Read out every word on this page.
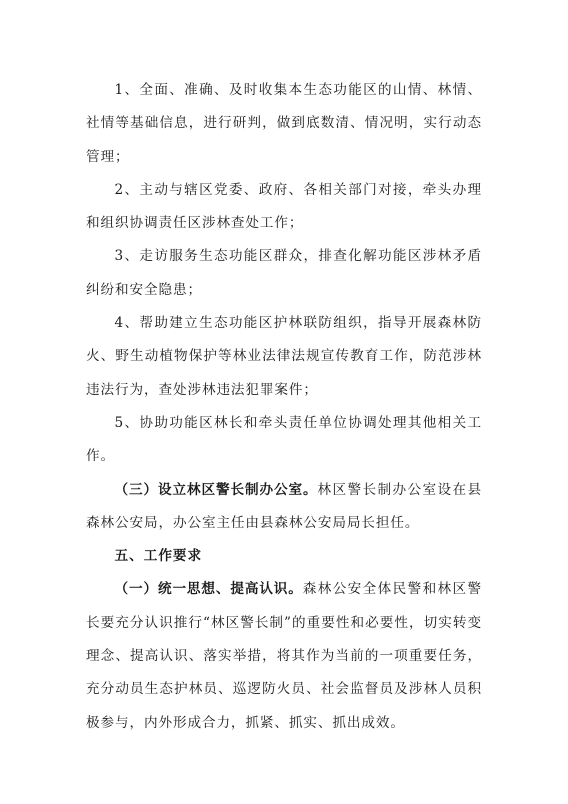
1、全面、准确、及时收集本生态功能区的山情、林情、社情等基础信息，进行研判，做到底数清、情况明，实行动态管理；

2、主动与辖区党委、政府、各相关部门对接，牵头办理和组织协调责任区涉林查处工作；

3、走访服务生态功能区群众，排查化解功能区涉林矛盾纠纷和安全隐患；

4、帮助建立生态功能区护林联防组织，指导开展森林防火、野生动植物保护等林业法律法规宣传教育工作，防范涉林违法行为，查处涉林违法犯罪案件；

5、协助功能区林长和牵头责任单位协调处理其他相关工作。

（三）设立林区警长制办公室。林区警长制办公室设在县森林公安局，办公室主任由县森林公安局局长担任。

五、工作要求

（一）统一思想、提高认识。森林公安全体民警和林区警长要充分认识推行“林区警长制”的重要性和必要性，切实转变理念、提高认识、落实举措，将其作为当前的一项重要任务，充分动员生态护林员、巡逻防火员、社会监督员及涉林人员积极参与，内外形成合力，抓紧、抓实、抓出成效。
